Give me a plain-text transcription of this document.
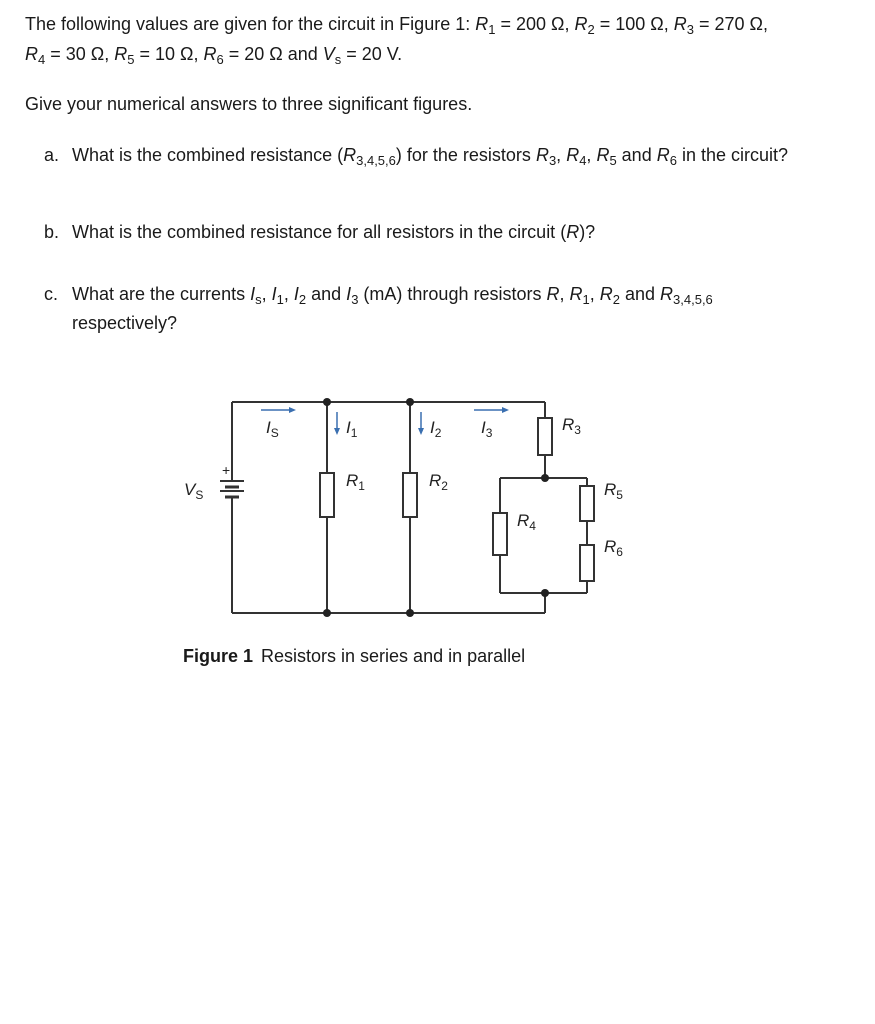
The following values are given for the circuit in Figure 1: $R_1 = 200$ Ω, $R_2 = 100$ Ω, $R_3 = 270$ Ω,
$R_4 = 30$ Ω, $R_5 = 10$ Ω, $R_6 = 20$ Ω and $V_s = 20$ V.

Give your numerical answers to three significant figures.

a. What is the combined resistance $(R_{3,4,5,6})$ for the resistors $R_3$, $R_4$, $R_5$ and $R_6$ in the circuit?
b. What is the combined resistance for all resistors in the circuit (R)?
c. What are the currents $I_s$, $I_1$, $I_2$ and $I_3$ (mA) through resistors R, $R_1$, $R_2$ and $R_{3,4,5,6}$
respectively?
$I_S$	$I_1$	$I_2$ $I_3$	$R_3$
$V_S$
$R_1$	$R_2$	$R_5$
$R_4$
$R_6$
+

Figure 1 Resistors in series and in parallel
